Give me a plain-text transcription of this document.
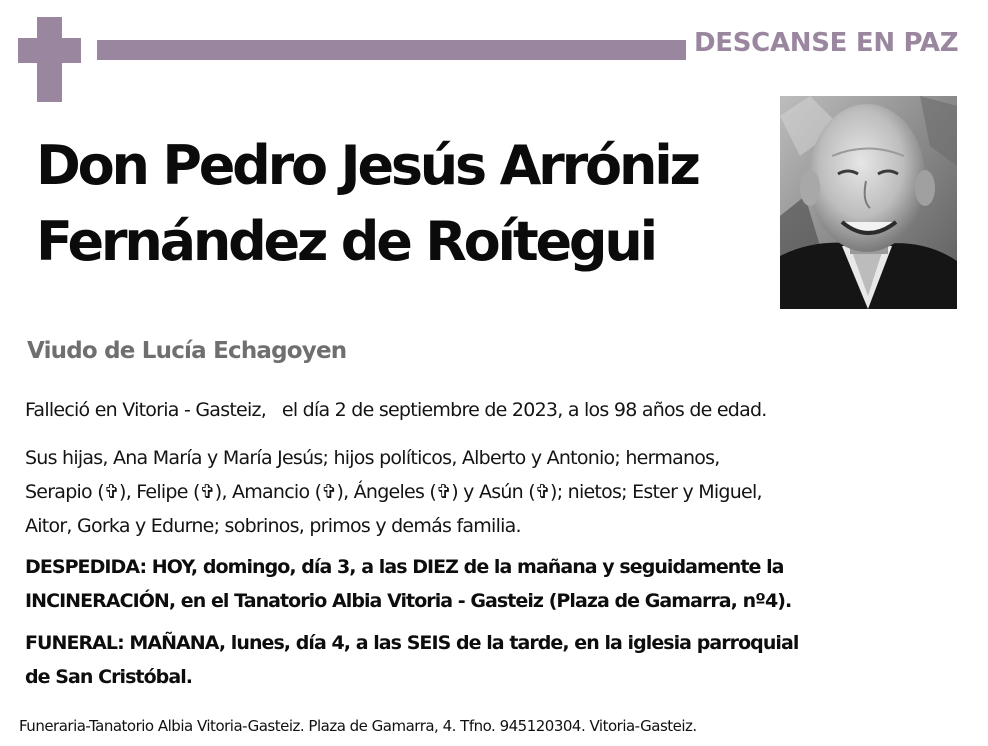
DESCANSE EN PAZ
Don Pedro Jesús Arróniz
Fernández de Roítegui
Viudo de Lucía Echagoyen
Falleció en Vitoria - Gasteiz,   el día 2 de septiembre de 2023, a los 98 años de edad.
Sus hijas, Ana María y María Jesús; hijos políticos, Alberto y Antonio; hermanos,
Serapio (✞), Felipe (✞), Amancio (✞), Ángeles (✞) y Asún (✞); nietos; Ester y Miguel,
Aitor, Gorka y Edurne; sobrinos, primos y demás familia.
DESPEDIDA: HOY, domingo, día 3, a las DIEZ de la mañana y seguidamente la
INCINERACIÓN, en el Tanatorio Albia Vitoria - Gasteiz (Plaza de Gamarra, nº4).
FUNERAL: MAÑANA, lunes, día 4, a las SEIS de la tarde, en la iglesia parroquial
de San Cristóbal.
Funeraria-Tanatorio Albia Vitoria-Gasteiz. Plaza de Gamarra, 4. Tfno. 945120304. Vitoria-Gasteiz.
